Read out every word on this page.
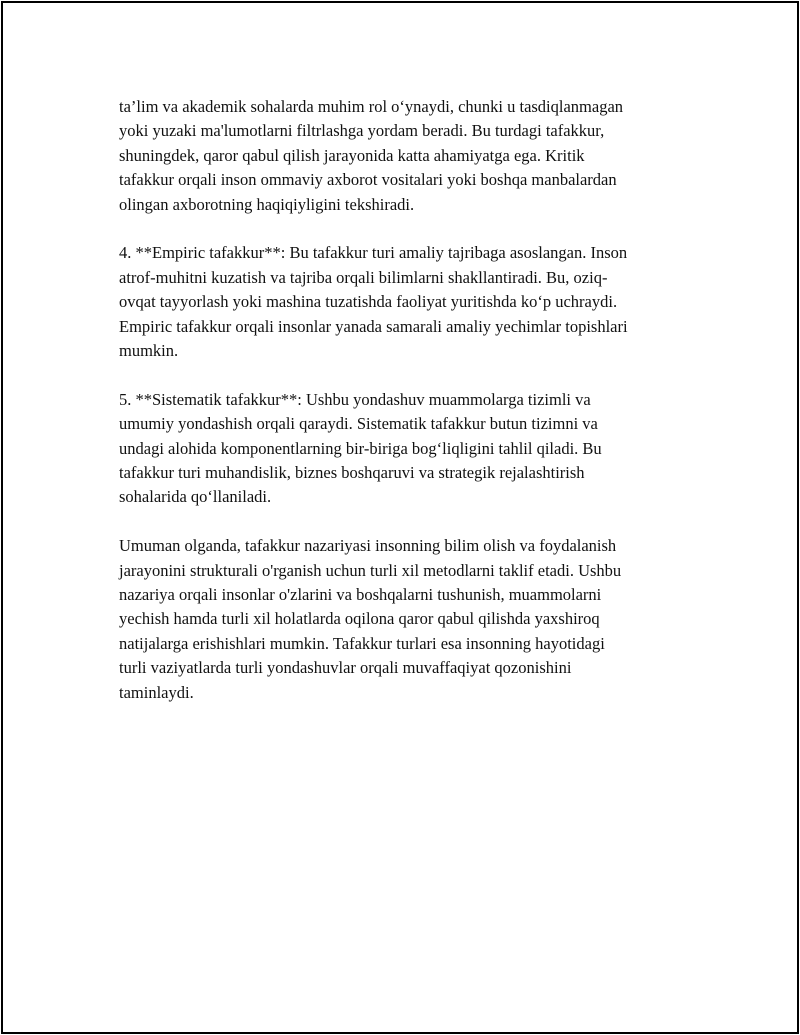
ta’lim va akademik sohalarda muhim rol o‘ynaydi, chunki u tasdiqlanmagan
yoki yuzaki ma'lumotlarni filtrlashga yordam beradi. Bu turdagi tafakkur,
shuningdek, qaror qabul qilish jarayonida katta ahamiyatga ega. Kritik
tafakkur orqali inson ommaviy axborot vositalari yoki boshqa manbalardan
olingan axborotning haqiqiyligini tekshiradi.

4. **Empiric tafakkur**: Bu tafakkur turi amaliy tajribaga asoslangan. Inson
atrof-muhitni kuzatish va tajriba orqali bilimlarni shakllantiradi. Bu, oziq-
ovqat tayyorlash yoki mashina tuzatishda faoliyat yuritishda ko‘p uchraydi.
Empiric tafakkur orqali insonlar yanada samarali amaliy yechimlar topishlari
mumkin.

5. **Sistematik tafakkur**: Ushbu yondashuv muammolarga tizimli va
umumiy yondashish orqali qaraydi. Sistematik tafakkur butun tizimni va
undagi alohida komponentlarning bir-biriga bog‘liqligini tahlil qiladi. Bu
tafakkur turi muhandislik, biznes boshqaruvi va strategik rejalashtirish
sohalarida qo‘llaniladi.

Umuman olganda, tafakkur nazariyasi insonning bilim olish va foydalanish
jarayonini strukturali o'rganish uchun turli xil metodlarni taklif etadi. Ushbu
nazariya orqali insonlar o'zlarini va boshqalarni tushunish, muammolarni
yechish hamda turli xil holatlarda oqilona qaror qabul qilishda yaxshiroq
natijalarga erishishlari mumkin. Tafakkur turlari esa insonning hayotidagi
turli vaziyatlarda turli yondashuvlar orqali muvaffaqiyat qozonishini
taminlaydi.
